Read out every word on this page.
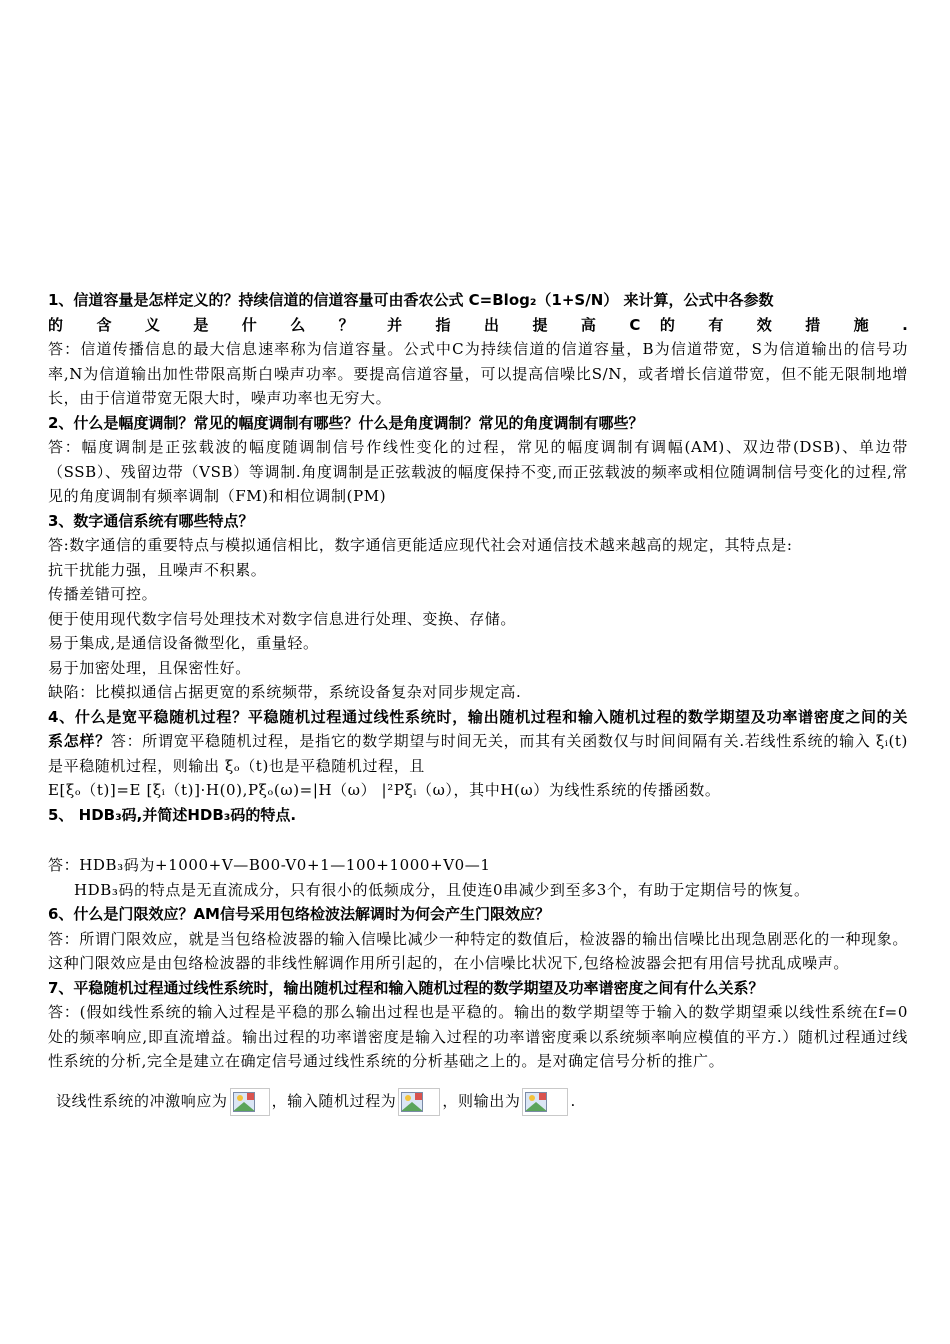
1、信道容量是怎样定义的？持续信道的信道容量可由香农公式 C=Blog₂（1+S/N） 来计算，公式中各参数

的 含 义 是 什 么 ？ 并 指 出 提 高 C 的 有 效 措 施 .

答：信道传播信息的最大信息速率称为信道容量。公式中C为持续信道的信道容量，B为信道带宽，S为信道输出的信号功率,N为信道输出加性带限高斯白噪声功率。要提高信道容量，可以提高信噪比S/N，或者增长信道带宽，但不能无限制地增长，由于信道带宽无限大时，噪声功率也无穷大。

2、什么是幅度调制？常见的幅度调制有哪些？什么是角度调制？常见的角度调制有哪些？

答：幅度调制是正弦载波的幅度随调制信号作线性变化的过程，常见的幅度调制有调幅(AM)、双边带(DSB)、单边带（SSB）、残留边带（VSB）等调制.角度调制是正弦载波的幅度保持不变,而正弦载波的频率或相位随调制信号变化的过程,常见的角度调制有频率调制（FM)和相位调制(PM)

3、数字通信系统有哪些特点？

答:数字通信的重要特点与模拟通信相比，数字通信更能适应现代社会对通信技术越来越高的规定，其特点是:

抗干扰能力强，且噪声不积累。

传播差错可控。

便于使用现代数字信号处理技术对数字信息进行处理、变换、存储。

易于集成,是通信设备微型化，重量轻。

易于加密处理，且保密性好。

缺陷：比模拟通信占据更宽的系统频带，系统设备复杂对同步规定高.

4、什么是宽平稳随机过程？平稳随机过程通过线性系统时，输出随机过程和输入随机过程的数学期望及功率谱密度之间的关系怎样？答：所谓宽平稳随机过程，是指它的数学期望与时间无关，而其有关函数仅与时间间隔有关.若线性系统的输入 ξᵢ(t)是平稳随机过程，则输出 ξₒ（t)也是平稳随机过程，且

E[ξₒ（t)]=E [ξᵢ（t)]·H(0),Pξₒ(ω)=|H（ω） |²Pξᵢ（ω），其中H(ω）为线性系统的传播函数。

5、 HDB₃码,并简述HDB₃码的特点.

答：HDB₃码为+1000+V—B00-V0+1—100+1000+V0—1

HDB₃码的特点是无直流成分，只有很小的低频成分，且使连0串减少到至多3个，有助于定期信号的恢复。

6、什么是门限效应？AM信号采用包络检波法解调时为何会产生门限效应？

答：所谓门限效应，就是当包络检波器的输入信噪比减少一种特定的数值后，检波器的输出信噪比出现急剧恶化的一种现象。这种门限效应是由包络检波器的非线性解调作用所引起的，在小信噪比状况下,包络检波器会把有用信号扰乱成噪声。

7、平稳随机过程通过线性系统时，输出随机过程和输入随机过程的数学期望及功率谱密度之间有什么关系？

答：(假如线性系统的输入过程是平稳的那么输出过程也是平稳的。输出的数学期望等于输入的数学期望乘以线性系统在f=0处的频率响应,即直流增益。输出过程的功率谱密度是输入过程的功率谱密度乘以系统频率响应模值的平方.）随机过程通过线性系统的分析,完全是建立在确定信号通过线性系统的分析基础之上的。是对确定信号分析的推广。

设线性系统的冲激响应为	，输入随机过程为	，则输出为	.
